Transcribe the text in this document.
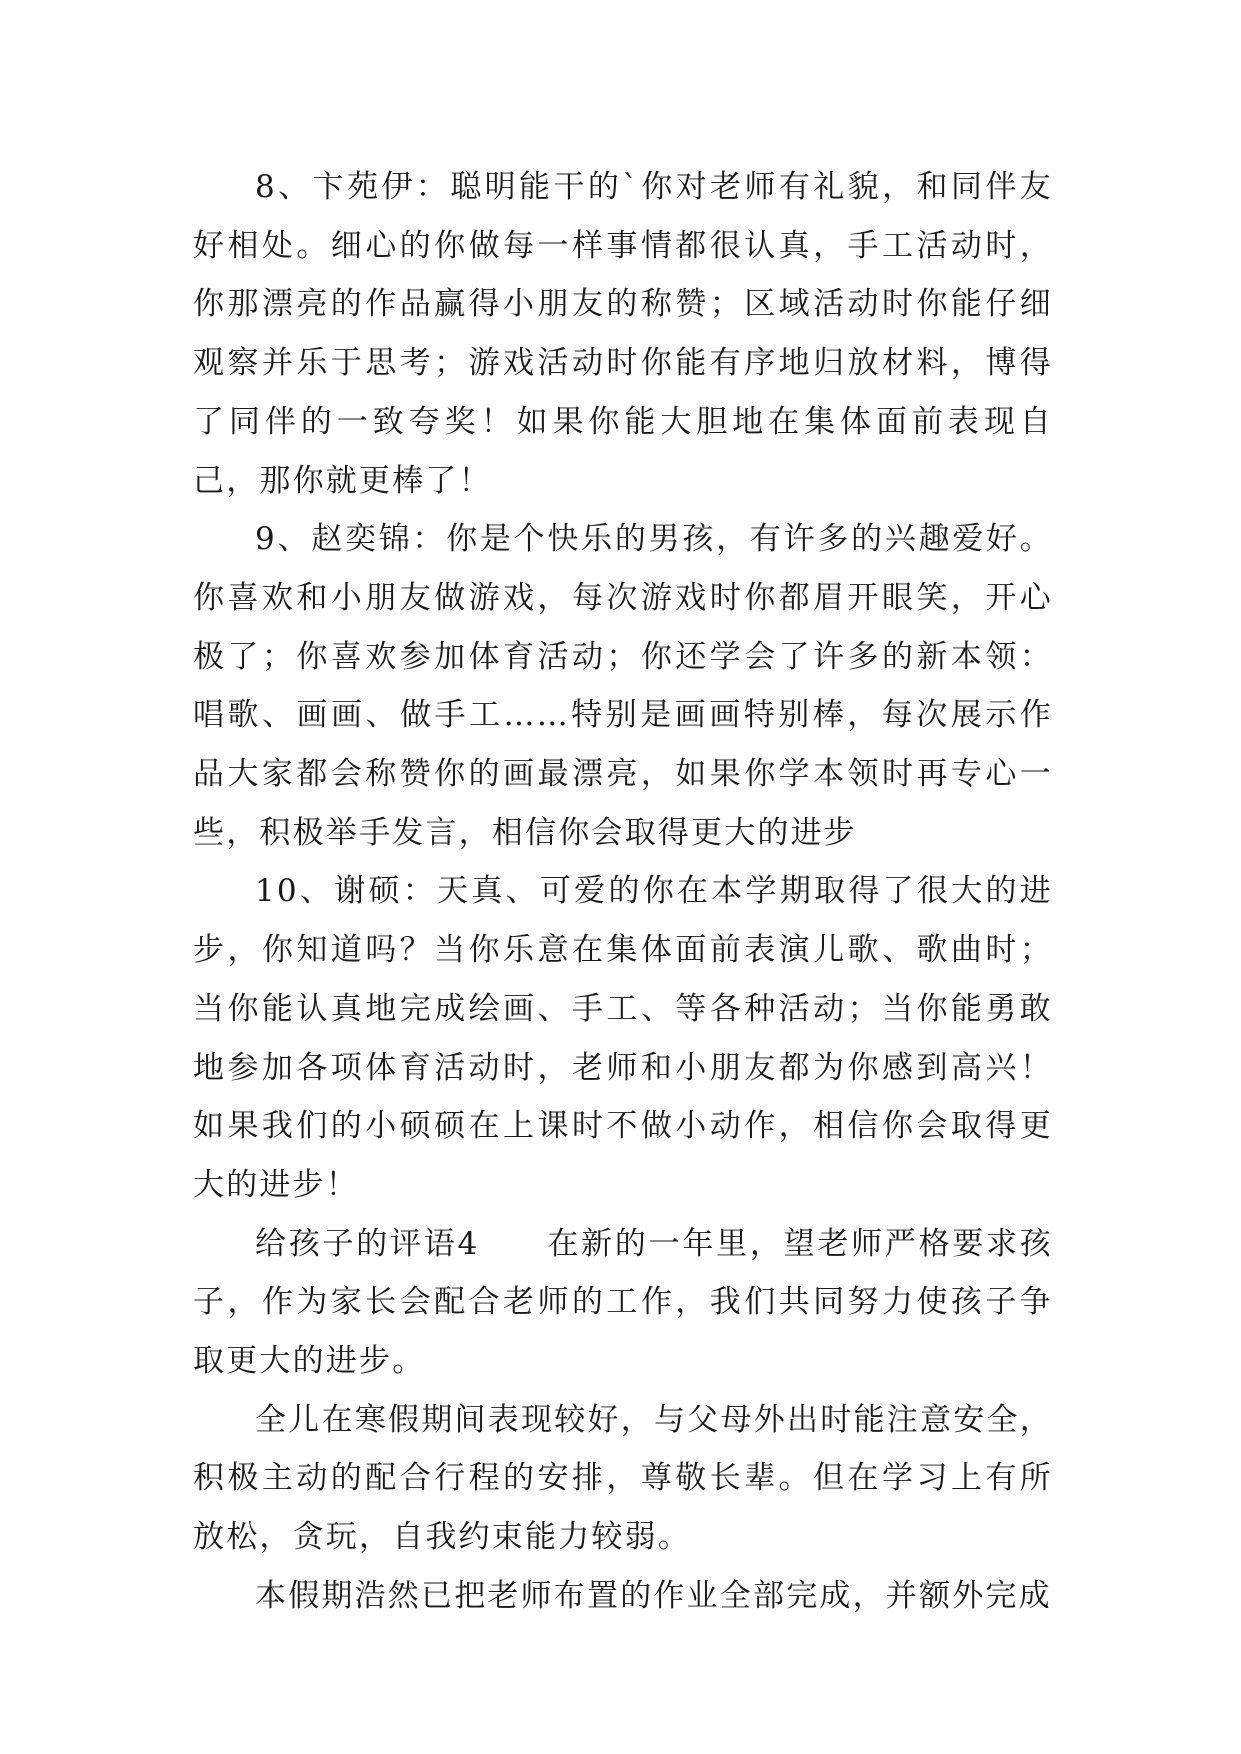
8、卞苑伊：聪明能干的`你对老师有礼貌，和同伴友好相处。细心的你做每一样事情都很认真，手工活动时，你那漂亮的作品赢得小朋友的称赞；区域活动时你能仔细观察并乐于思考；游戏活动时你能有序地归放材料，博得了同伴的一致夸奖！如果你能大胆地在集体面前表现自己，那你就更棒了！

9、赵奕锦：你是个快乐的男孩，有许多的兴趣爱好。你喜欢和小朋友做游戏，每次游戏时你都眉开眼笑，开心极了；你喜欢参加体育活动；你还学会了许多的新本领：唱歌、画画、做手工……特别是画画特别棒，每次展示作品大家都会称赞你的画最漂亮，如果你学本领时再专心一些，积极举手发言，相信你会取得更大的进步

10、谢硕：天真、可爱的你在本学期取得了很大的进步，你知道吗？当你乐意在集体面前表演儿歌、歌曲时；当你能认真地完成绘画、手工、等各种活动；当你能勇敢地参加各项体育活动时，老师和小朋友都为你感到高兴！如果我们的小硕硕在上课时不做小动作，相信你会取得更大的进步！

给孩子的评语4　　在新的一年里，望老师严格要求孩子，作为家长会配合老师的工作，我们共同努力使孩子争取更大的进步。

全儿在寒假期间表现较好，与父母外出时能注意安全，积极主动的配合行程的安排，尊敬长辈。但在学习上有所放松，贪玩，自我约束能力较弱。

本假期浩然已把老师布置的作业全部完成，并额外完成
